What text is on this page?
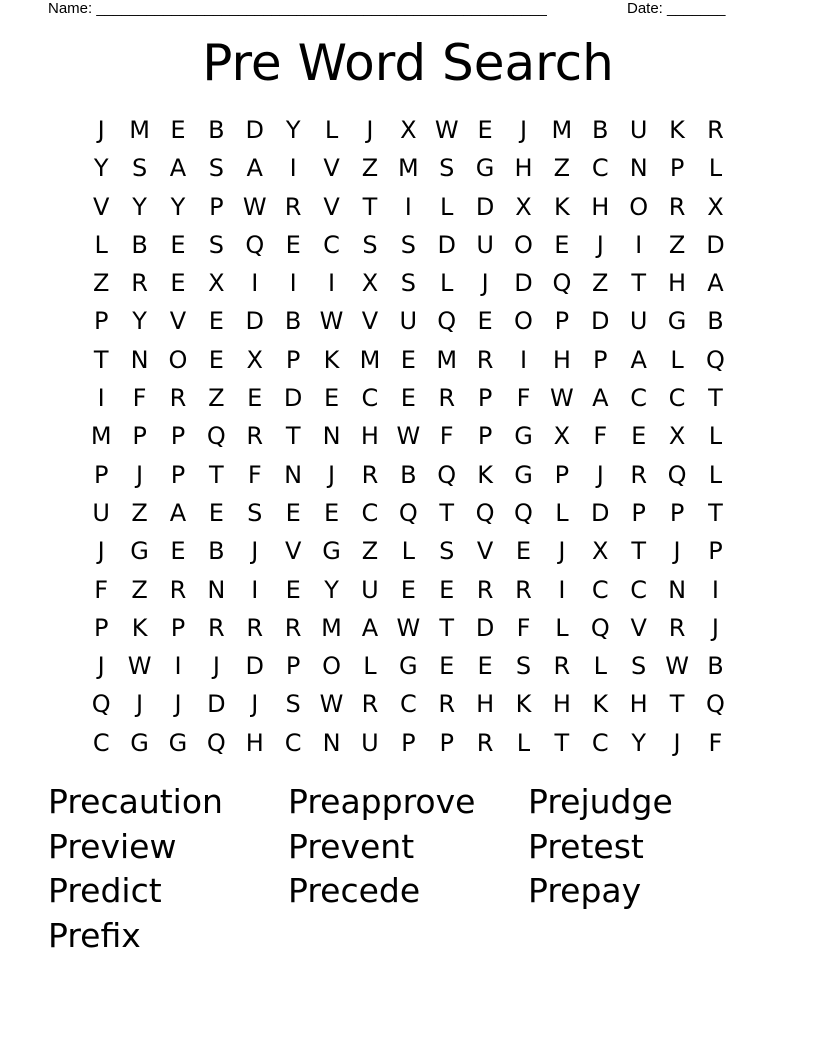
Name: ______________________________________________________	Date: _______
Pre Word Search
J	M E B D Y	L	J	X W E	J	M B U K R
Y S A S A	I	V Z M S G H Z C N P	L
V Y Y P W R V T	I	L D X K H O R X
L B E S Q E C S S D U O E	J	I	Z D
Z R E X	I	I	I	X S	L	J	D Q Z T H A
P Y V E D B W V U Q E O P D U G B
T N O E X P K M E M R	I	H P A L Q
I	F R Z E D E C E R P	F W A C C T
M P P Q R T N H W F	P G X F E X L
P	J	P T	F N	J	R B Q K G P	J	R Q L
U Z A E S E E C Q T Q Q L D P P T
J	G E B	J	V G Z L	S V E	J	X T	J	P
F Z R N	I	E Y U E E R R	I	C C N	I
P K P R R R M A W T D F	L Q V R	J
J W I	J	D P O L G E E S R L	S W B
Q	J	J	D	J	S W R C R H K H K H T Q
C G G Q H C N U P P R L	T C Y	J	F
Precaution	Preapprove	Prejudge
Preview	Prevent	Pretest
Predict	Precede	Prepay
Prefix
